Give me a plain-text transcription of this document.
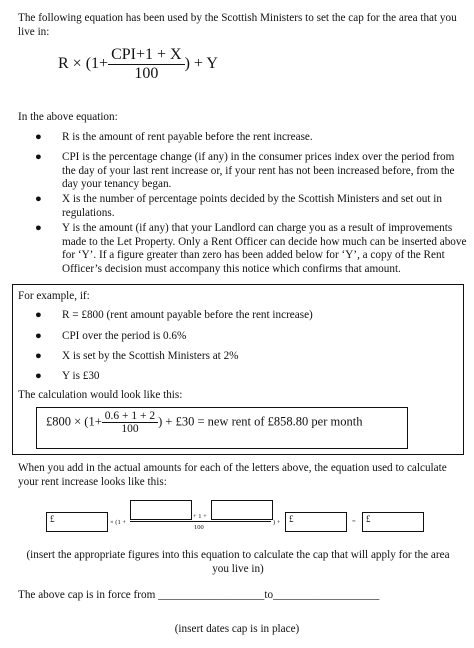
The following equation has been used by the Scottish Ministers to set the cap for the area that you live in:
$R \times (1+ \frac{\text{CPI+1 + X}}{100}$ ) + Y
In the above equation:
● R is the amount of rent payable before the rent increase.
● CPI is the percentage change (if any) in the consumer prices index over the period from the day of your last rent increase or, if your rent has not been increased before, from the day your tenancy began.
● X is the number of percentage points decided by the Scottish Ministers and set out in regulations.
● Y is the amount (if any) that your Landlord can charge you as a result of improvements made to the Let Property. Only a Rent Officer can decide how much can be inserted above for ‘Y’. If a figure greater than zero has been added below for ‘Y’, a copy of the Rent Officer’s decision must accompany this notice which confirms that amount.
For example, if:
● R = £800 (rent amount payable before the rent increase)
● CPI over the period is 0.6%
● X is set by the Scottish Ministers at 2%
● Y is £30
The calculation would look like this:
£800 × ($1+ \frac{0.6 + 1 + 2}{100}$ ) + £30 = new rent of £858.80 per month
When you add in the actual amounts for each of the letters above, the equation used to calculate your rent increase looks like this:
£	× (1 +
+ 1 +
100
) + £	= £
(insert the appropriate figures into this equation to calculate the cap that will apply for the area you live in)
The above cap is in force from ___________________to___________________
(insert dates cap is in place)
